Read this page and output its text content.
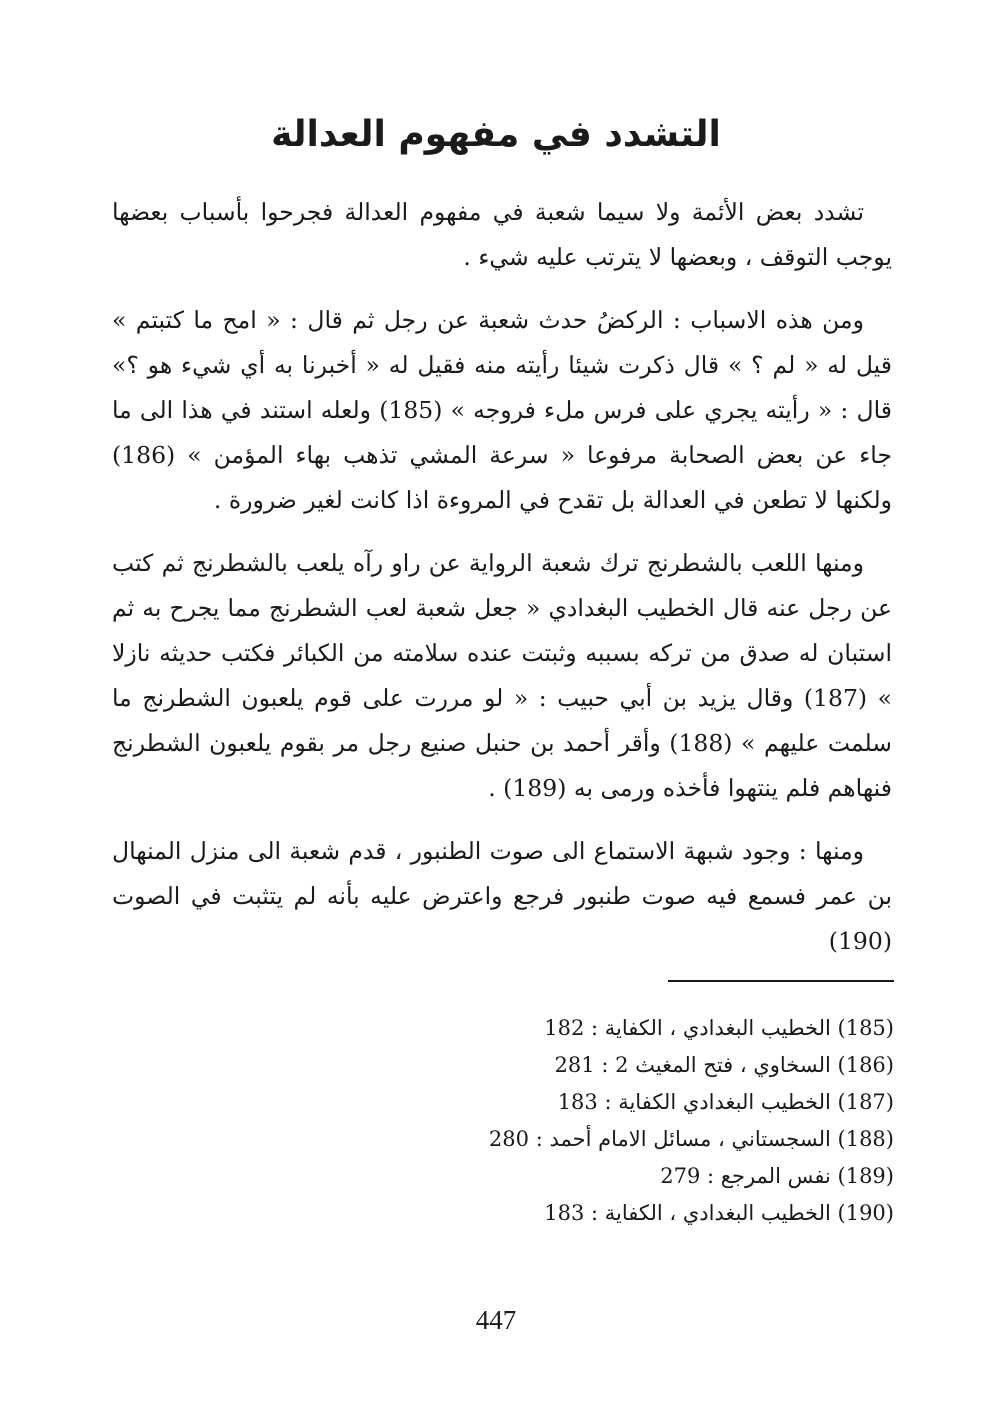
التشدد في مفهوم العدالة

تشدد بعض الأئمة ولا سيما شعبة في مفهوم العدالة فجرحوا بأسباب بعضها يوجب التوقف ، وبعضها لا يترتب عليه شيء .

ومن هذه الاسباب : الركضُ حدث شعبة عن رجل ثم قال : « امح ما كتبتم » قيل له « لم ؟ » قال ذكرت شيئا رأيته منه فقيل له « أخبرنا به أي شيء هو ؟» قال : « رأيته يجري على فرس ملء فروجه » (185) ولعله استند في هذا الى ما جاء عن بعض الصحابة مرفوعا « سرعة المشي تذهب بهاء المؤمن » (186) ولكنها لا تطعن في العدالة بل تقدح في المروءة اذا كانت لغير ضرورة .

ومنها اللعب بالشطرنج ترك شعبة الرواية عن راو رآه يلعب بالشطرنج ثم كتب عن رجل عنه قال الخطيب البغدادي « جعل شعبة لعب الشطرنج مما يجرح به ثم استبان له صدق من تركه بسببه وثبتت عنده سلامته من الكبائر فكتب حديثه نازلا » (187) وقال يزيد بن أبي حبيب : « لو مررت على قوم يلعبون الشطرنج ما سلمت عليهم » (188) وأقر أحمد بن حنبل صنيع رجل مر بقوم يلعبون الشطرنج فنهاهم فلم ينتهوا فأخذه ورمى به (189) .

ومنها : وجود شبهة الاستماع الى صوت الطنبور ، قدم شعبة الى منزل المنهال بن عمر فسمع فيه صوت طنبور فرجع واعترض عليه بأنه لم يتثبت في الصوت (190)

(185) الخطيب البغدادي ، الكفاية : 182
(186) السخاوي ، فتح المغيث 2 : 281
(187) الخطيب البغدادي الكفاية : 183
(188) السجستاني ، مسائل الامام أحمد : 280
(189) نفس المرجع : 279
(190) الخطيب البغدادي ، الكفاية : 183
447
